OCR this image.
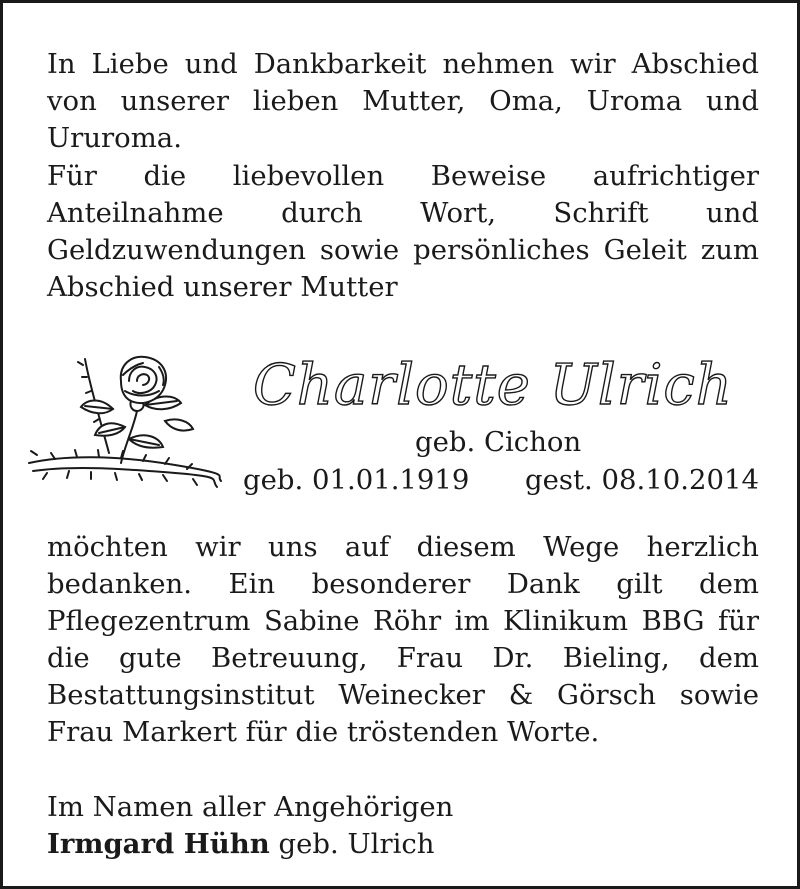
In Liebe und Dankbarkeit nehmen wir Abschied von unserer lieben Mutter, Oma, Uroma und Ururoma.

Für die liebevollen Beweise aufrichtiger Anteilnahme durch Wort, Schrift und Geldzuwendungen sowie persönliches Geleit zum Abschied unserer Mutter

Charlotte Ulrich
geb. Cichon
geb. 01.01.1919 gest. 08.10.2014

möchten wir uns auf diesem Wege herzlich bedanken. Ein besonderer Dank gilt dem Pflegezentrum Sabine Röhr im Klinikum BBG für die gute Betreuung, Frau Dr. Bieling, dem Bestattungsinstitut Weinecker & Görsch sowie Frau Markert für die tröstenden Worte.

Im Namen aller Angehörigen
Irmgard Hühn geb. Ulrich
